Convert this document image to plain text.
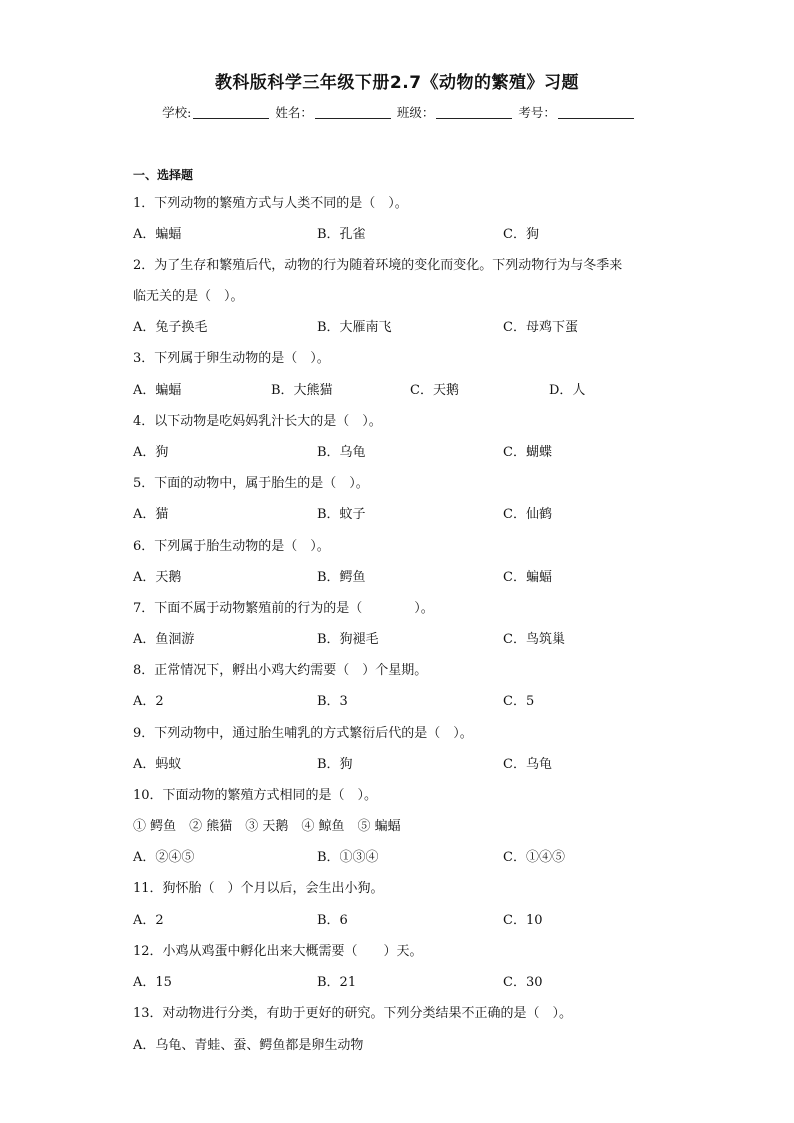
教科版科学三年级下册2.7《动物的繁殖》习题
学校:	姓名：	班级：	考号：
一、选择题
1．下列动物的繁殖方式与人类不同的是（　）。
A．蝙蝠	B．孔雀	C．狗
2．为了生存和繁殖后代，动物的行为随着环境的变化而变化。下列动物行为与冬季来
临无关的是（　）。
A．兔子换毛	B．大雁南飞	C．母鸡下蛋
3．下列属于卵生动物的是（　）。
A．蝙蝠	B．大熊猫	C．天鹅	D．人
4．以下动物是吃妈妈乳汁长大的是（　）。
A．狗	B．乌龟	C．蝴蝶
5．下面的动物中，属于胎生的是（　）。
A．猫	B．蚊子	C．仙鹤
6．下列属于胎生动物的是（　）。
A．天鹅	B．鳄鱼	C．蝙蝠
7．下面不属于动物繁殖前的行为的是（　　　　）。
A．鱼洄游	B．狗褪毛	C．鸟筑巢
8．正常情况下，孵出小鸡大约需要（　）个星期。
A．2	B．3	C．5
9．下列动物中，通过胎生哺乳的方式繁衍后代的是（　）。
A．蚂蚁	B．狗	C．乌龟
10．下面动物的繁殖方式相同的是（　）。
① 鳄鱼　② 熊猫　③ 天鹅　④ 鲸鱼　⑤ 蝙蝠
A．②④⑤	B．①③④	C．①④⑤
11．狗怀胎（　）个月以后，会生出小狗。
A．2	B．6	C．10
12．小鸡从鸡蛋中孵化出来大概需要（　　）天。
A．15	B．21	C．30
13．对动物进行分类，有助于更好的研究。下列分类结果不正确的是（　）。
A．乌龟、青蛙、蚕、鳄鱼都是卵生动物
